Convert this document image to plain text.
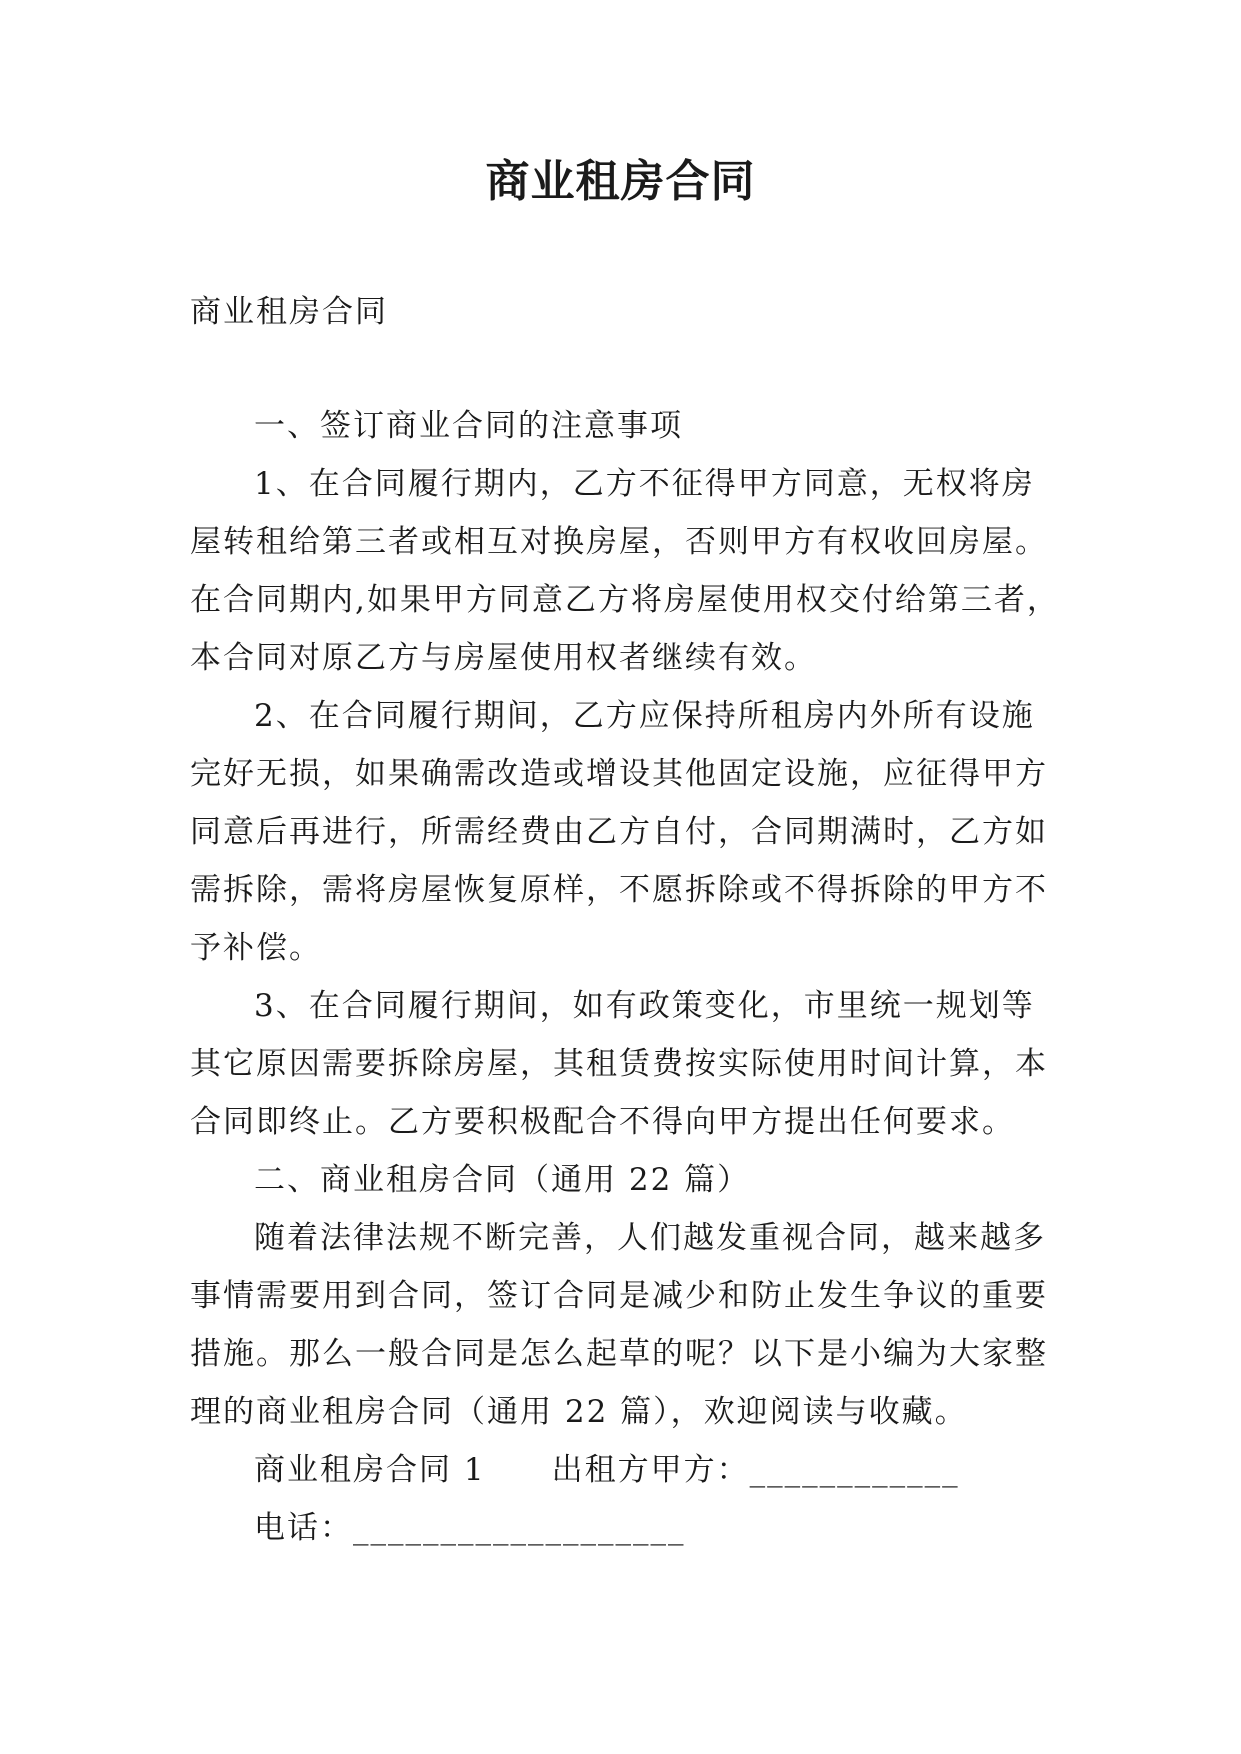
商业租房合同
商业租房合同
一、签订商业合同的注意事项
1、在合同履行期内，乙方不征得甲方同意，无权将房
屋转租给第三者或相互对换房屋，否则甲方有权收回房屋。
在合同期内,如果甲方同意乙方将房屋使用权交付给第三者，
本合同对原乙方与房屋使用权者继续有效。
2、在合同履行期间，乙方应保持所租房内外所有设施
完好无损，如果确需改造或增设其他固定设施，应征得甲方
同意后再进行，所需经费由乙方自付，合同期满时，乙方如
需拆除，需将房屋恢复原样，不愿拆除或不得拆除的甲方不
予补偿。
3、在合同履行期间，如有政策变化，市里统一规划等
其它原因需要拆除房屋，其租赁费按实际使用时间计算，本
合同即终止。乙方要积极配合不得向甲方提出任何要求。
二、商业租房合同（通用 22 篇）
随着法律法规不断完善，人们越发重视合同，越来越多
事情需要用到合同，签订合同是减少和防止发生争议的重要
措施。那么一般合同是怎么起草的呢？以下是小编为大家整
理的商业租房合同（通用 22 篇），欢迎阅读与收藏。
商业租房合同 1 出租方甲方：____________
电话：___________________
